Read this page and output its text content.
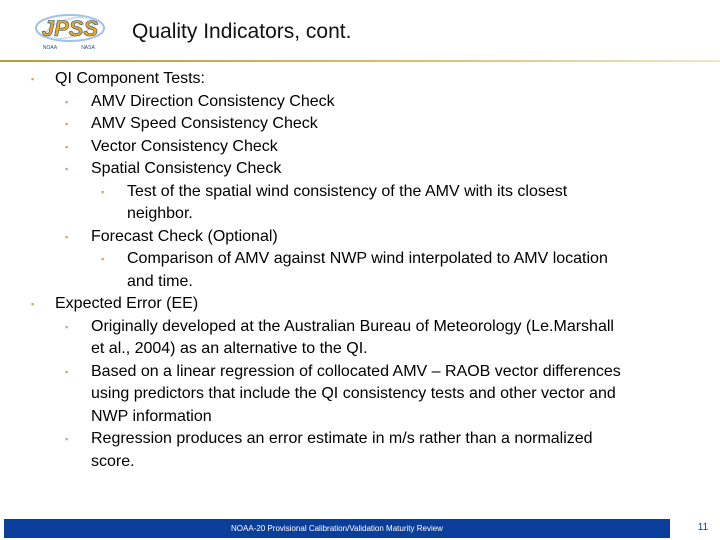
JPSS
NOAA	NASA
Quality Indicators, cont.
▪ QI Component Tests:
▪ AMV Direction Consistency Check
▪ AMV Speed Consistency Check
▪ Vector Consistency Check
▪ Spatial Consistency Check
▪ Test of the spatial wind consistency of the AMV with its closest neighbor.
▪ Forecast Check (Optional)
▪ Comparison of AMV against NWP wind interpolated to AMV location and time.
▪ Expected Error (EE)
▪ Originally developed at the Australian Bureau of Meteorology (Le.Marshall et al., 2004) as an alternative to the QI.
▪ Based on a linear regression of collocated AMV – RAOB vector differences using predictors that include the QI consistency tests and other vector and NWP information
▪ Regression produces an error estimate in m/s rather than a normalized score.
NOAA-20 Provisional Calibration/Validation Maturity Review	11
